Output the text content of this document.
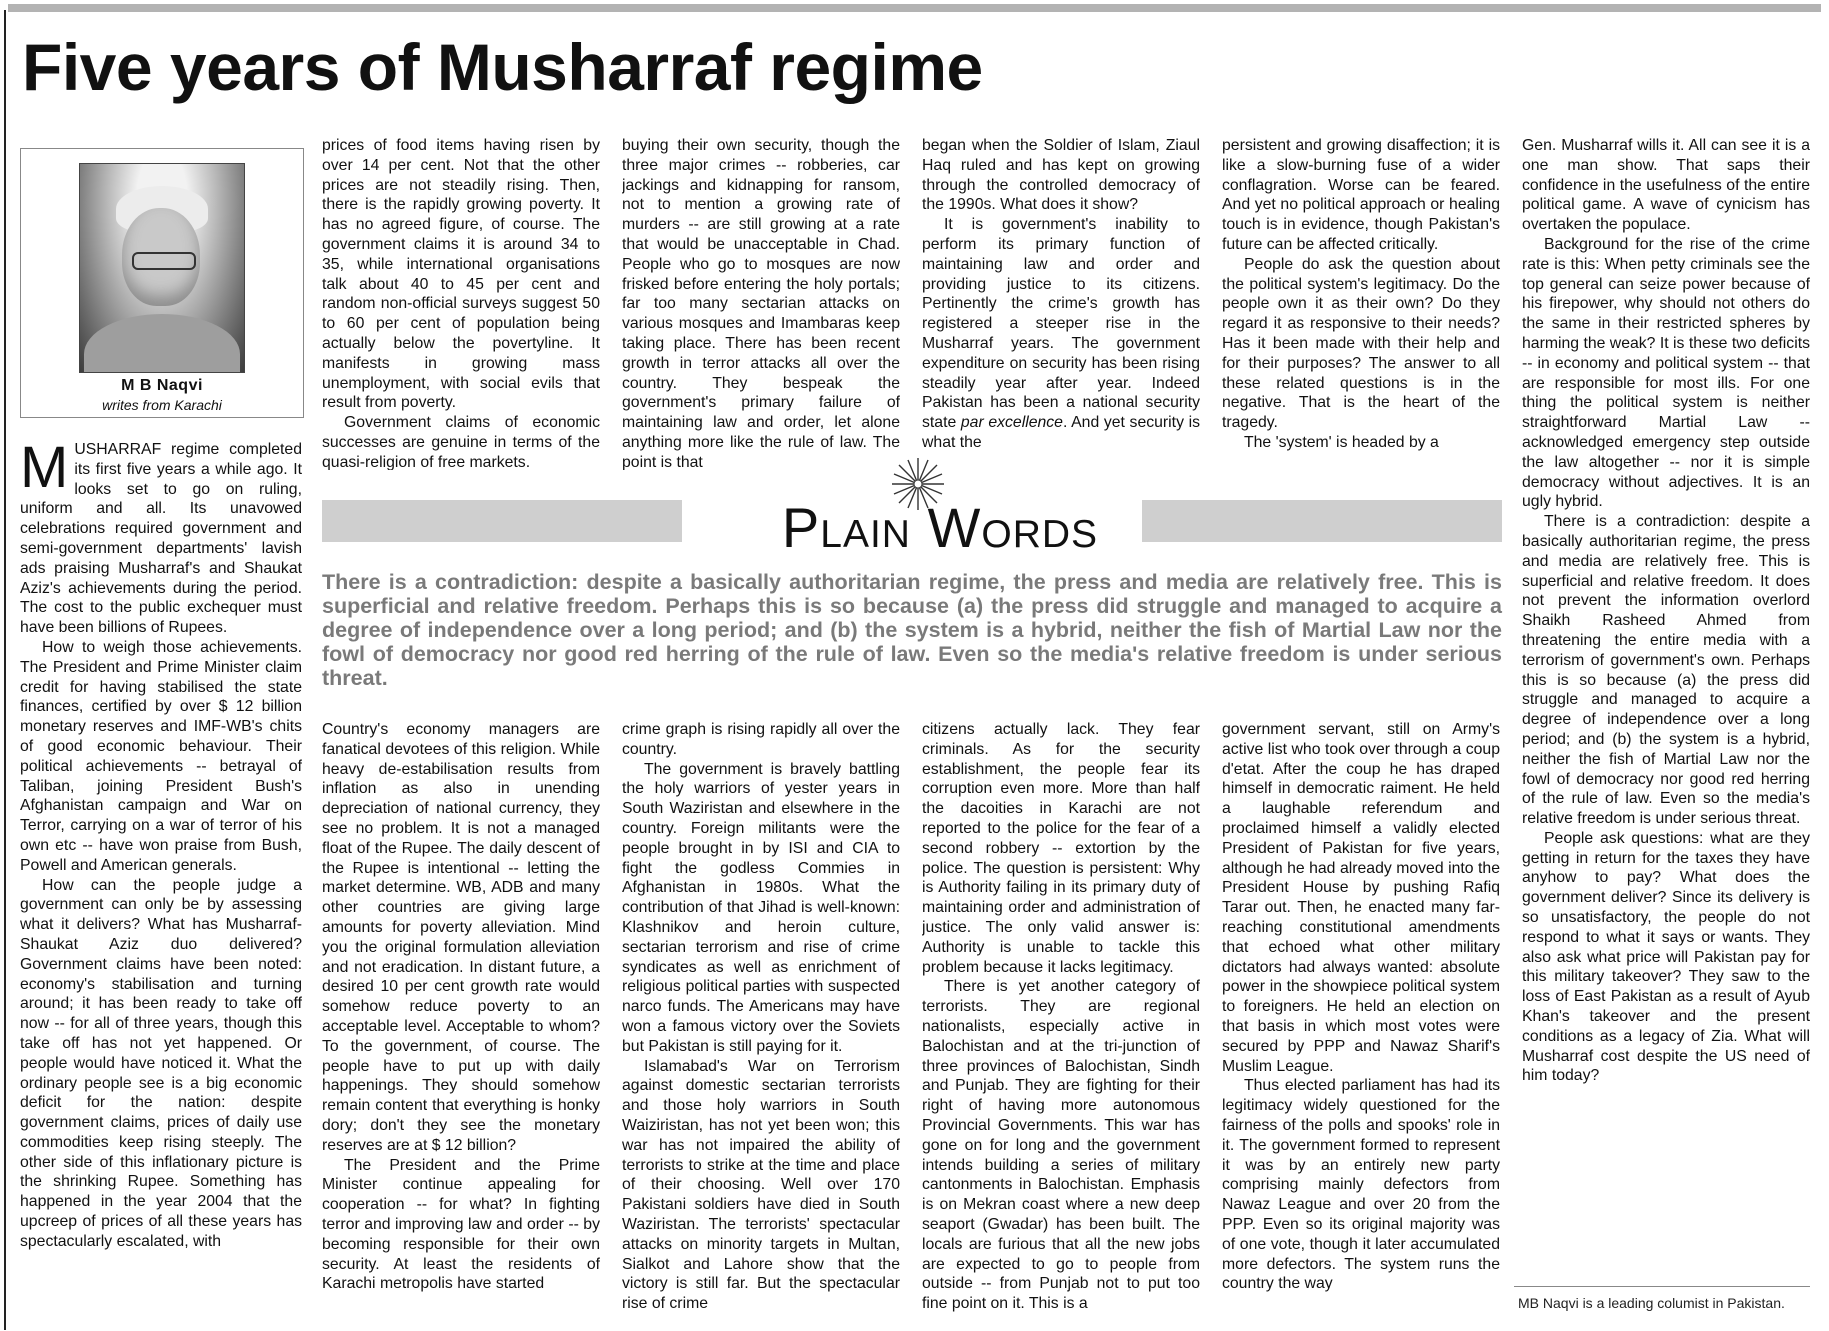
Five years of Musharraf regime
M B Naqvi
writes from Karachi

MUSHARRAF regime completed its first five years a while ago. It looks set to go on ruling, uniform and all. Its unavowed celebrations required government and semi-government departments' lavish ads praising Musharraf's and Shaukat Aziz's achievements during the period. The cost to the public exchequer must have been billions of Rupees.

How to weigh those achievements. The President and Prime Minister claim credit for having stabilised the state finances, certified by over $ 12 billion monetary reserves and IMF-WB's chits of good economic behaviour. Their political achievements -- betrayal of Taliban, joining President Bush's Afghanistan campaign and War on Terror, carrying on a war of terror of his own etc -- have won praise from Bush, Powell and American generals.

How can the people judge a government can only be by assessing what it delivers? What has Musharraf-Shaukat Aziz duo delivered? Government claims have been noted: economy's stabilisation and turning around; it has been ready to take off now -- for all of three years, though this take off has not yet happened. Or people would have noticed it. What the ordinary people see is a big economic deficit for the nation: despite government claims, prices of daily use commodities keep rising steeply. The other side of this inflationary picture is the shrinking Rupee. Something has happened in the year 2004 that the upcreep of prices of all these years has spectacularly escalated, with

prices of food items having risen by over 14 per cent. Not that the other prices are not steadily rising. Then, there is the rapidly growing poverty. It has no agreed figure, of course. The government claims it is around 34 to 35, while international organisations talk about 40 to 45 per cent and random non-official surveys suggest 50 to 60 per cent of population being actually below the povertyline. It manifests in growing mass unemployment, with social evils that result from poverty.

Government claims of economic successes are genuine in terms of the quasi-religion of free markets.

buying their own security, though the three major crimes -- robberies, car jackings and kidnapping for ransom, not to mention a growing rate of murders -- are still growing at a rate that would be unacceptable in Chad. People who go to mosques are now frisked before entering the holy portals; far too many sectarian attacks on various mosques and Imambaras keep taking place. There has been recent growth in terror attacks all over the country. They bespeak the government's primary failure of maintaining law and order, let alone anything more like the rule of law. The point is that

began when the Soldier of Islam, Ziaul Haq ruled and has kept on growing through the controlled democracy of the 1990s. What does it show?

It is government's inability to perform its primary function of maintaining law and order and providing justice to its citizens. Pertinently the crime's growth has registered a steeper rise in the Musharraf years. The government expenditure on security has been rising steadily year after year. Indeed Pakistan has been a national security state par excellence. And yet security is what the

persistent and growing disaffection; it is like a slow-burning fuse of a wider conflagration. Worse can be feared. And yet no political approach or healing touch is in evidence, though Pakistan's future can be affected critically.

People do ask the question about the political system's legitimacy. Do the people own it as their own? Do they regard it as responsive to their needs? Has it been made with their help and for their purposes? The answer to all these related questions is in the negative. That is the heart of the tragedy.

The 'system' is headed by a

Gen. Musharraf wills it. All can see it is a one man show. That saps their confidence in the usefulness of the entire political game. A wave of cynicism has overtaken the populace.

Background for the rise of the crime rate is this: When petty criminals see the top general can seize power because of his firepower, why should not others do the same in their restricted spheres by harming the weak? It is these two deficits -- in economy and political system -- that are responsible for most ills. For one thing the political system is neither straightforward Martial Law -- acknowledged emergency step outside the law altogether -- nor it is simple democracy without adjectives. It is an ugly hybrid.

There is a contradiction: despite a basically authoritarian regime, the press and media are relatively free. This is superficial and relative freedom. It does not prevent the information overlord Shaikh Rasheed Ahmed from threatening the entire media with a terrorism of government's own. Perhaps this is so because (a) the press did struggle and managed to acquire a degree of independence over a long period; and (b) the system is a hybrid, neither the fish of Martial Law nor the fowl of democracy nor good red herring of the rule of law. Even so the media's relative freedom is under serious threat.

People ask questions: what are they getting in return for the taxes they have anyhow to pay? What does the government deliver? Since its delivery is so unsatisfactory, the people do not respond to what it says or wants. They also ask what price will Pakistan pay for this military takeover? They saw to the loss of East Pakistan as a result of Ayub Khan's takeover and the present conditions as a legacy of Zia. What will Musharraf cost despite the US need of him today?

Plain Words
There is a contradiction: despite a basically authoritarian regime, the press and media are relatively free. This is superficial and relative freedom. Perhaps this is so because (a) the press did struggle and managed to acquire a degree of independence over a long period; and (b) the system is a hybrid, neither the fish of Martial Law nor the fowl of democracy nor good red herring of the rule of law. Even so the media's relative freedom is under serious threat.

Country's economy managers are fanatical devotees of this religion. While heavy de-estabilisation results from inflation as also in unending depreciation of national currency, they see no problem. It is not a managed float of the Rupee. The daily descent of the Rupee is intentional -- letting the market determine. WB, ADB and many other countries are giving large amounts for poverty alleviation. Mind you the original formulation alleviation and not eradication. In distant future, a desired 10 per cent growth rate would somehow reduce poverty to an acceptable level. Acceptable to whom? To the government, of course. The people have to put up with daily happenings. They should somehow remain content that everything is honky dory; don't they see the monetary reserves are at $ 12 billion?

The President and the Prime Minister continue appealing for cooperation -- for what? In fighting terror and improving law and order -- by becoming responsible for their own security. At least the residents of Karachi metropolis have started

crime graph is rising rapidly all over the country.

The government is bravely battling the holy warriors of yester years in South Waziristan and elsewhere in the country. Foreign militants were the people brought in by ISI and CIA to fight the godless Commies in Afghanistan in 1980s. What the contribution of that Jihad is well-known: Klashnikov and heroin culture, sectarian terrorism and rise of crime syndicates as well as enrichment of religious political parties with suspected narco funds. The Americans may have won a famous victory over the Soviets but Pakistan is still paying for it.

Islamabad's War on Terrorism against domestic sectarian terrorists and those holy warriors in South Waiziristan, has not yet been won; this war has not impaired the ability of terrorists to strike at the time and place of their choosing. Well over 170 Pakistani soldiers have died in South Waziristan. The terrorists' spectacular attacks on minority targets in Multan, Sialkot and Lahore show that the victory is still far. But the spectacular rise of crime

citizens actually lack. They fear criminals. As for the security establishment, the people fear its corruption even more. More than half the dacoities in Karachi are not reported to the police for the fear of a second robbery -- extortion by the police. The question is persistent: Why is Authority failing in its primary duty of maintaining order and administration of justice. The only valid answer is: Authority is unable to tackle this problem because it lacks legitimacy.

There is yet another category of terrorists. They are regional nationalists, especially active in Balochistan and at the tri-junction of three provinces of Balochistan, Sindh and Punjab. They are fighting for their right of having more autonomous Provincial Governments. This war has gone on for long and the government intends building a series of military cantonments in Balochistan. Emphasis is on Mekran coast where a new deep seaport (Gwadar) has been built. The locals are furious that all the new jobs are expected to go to people from outside -- from Punjab not to put too fine point on it. This is a

government servant, still on Army's active list who took over through a coup d'etat. After the coup he has draped himself in democratic raiment. He held a laughable referendum and proclaimed himself a validly elected President of Pakistan for five years, although he had already moved into the President House by pushing Rafiq Tarar out. Then, he enacted many far-reaching constitutional amendments that echoed what other military dictators had always wanted: absolute power in the showpiece political system to foreigners. He held an election on that basis in which most votes were secured by PPP and Nawaz Sharif's Muslim League.

Thus elected parliament has had its legitimacy widely questioned for the fairness of the polls and spooks' role in it. The government formed to represent it was by an entirely new party comprising mainly defectors from Nawaz League and over 20 from the PPP. Even so its original majority was of one vote, though it later accumulated more defectors. The system runs the country the way

MB Naqvi is a leading columist in Pakistan.
